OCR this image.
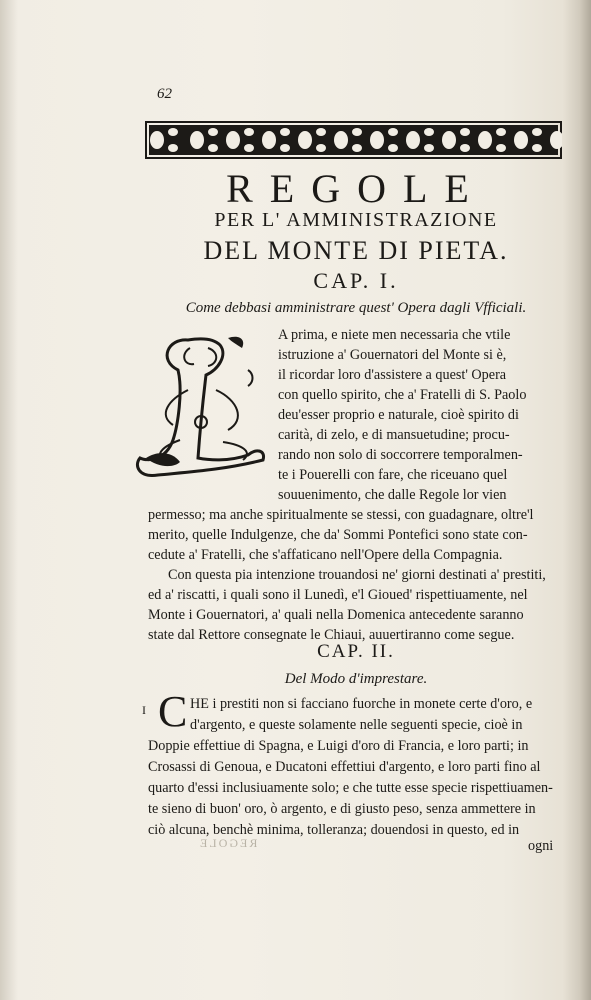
62
REGOLE
PER L' AMMINISTRAZIONE
DEL MONTE DI PIETA.
CAP. I.
Come debbasi amministrare quest' Opera dagli Vfficiali.
A prima, e niete men necessaria che vtile
istruzione a' Gouernatori del Monte si è,
il ricordar loro d'assistere a quest' Opera
con quello spirito, che a' Fratelli di S. Paolo
deu'esser proprio e naturale, cioè spirito di
carità, di zelo, e di mansuetudine; procu-
rando non solo di soccorrere temporalmen-
te i Pouerelli con fare, che riceuano quel
souuenimento, che dalle Regole lor vien
permesso; ma anche spiritualmente se stessi, con guadagnare, oltre'l
merito, quelle Indulgenze, che da' Sommi Pontefici sono state con-
cedute a' Fratelli, che s'affaticano nell'Opere della Compagnia.
Con questa pia intenzione trouandosi ne' giorni destinati a' prestiti,
ed a' riscatti, i quali sono il Lunedì, e'l Gioued' rispettiuamente, nel
Monte i Gouernatori, a' quali nella Domenica antecedente saranno
state dal Rettore consegnate le Chiaui, auuertiranno come segue.
CAP. II.
Del Modo d'imprestare.
I C HE i prestiti non si facciano fuorche in monete certe d'oro, e
d'argento, e queste solamente nelle seguenti specie, cioè in
Doppie effettiue di Spagna, e Luigi d'oro di Francia, e loro parti; in
Crosassi di Genoua, e Ducatoni effettiui d'argento, e loro parti fino al
quarto d'essi inclusiuamente solo; e che tutte esse specie rispettiuamen-
te sieno di buon' oro, ò argento, e di giusto peso, senza ammettere in
ciò alcuna, benchè minima, tolleranza; douendosi in questo, ed in
ogni
REGOLE
